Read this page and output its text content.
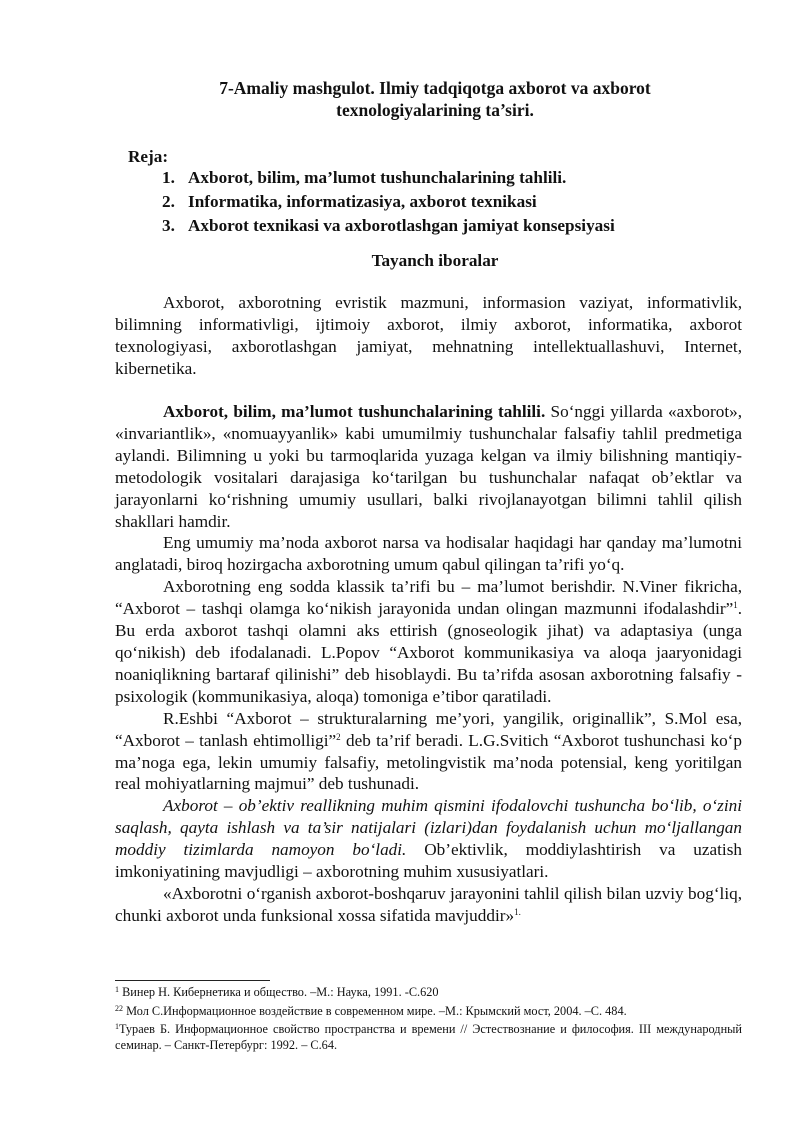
7-Amaliy mashgulot. Ilmiy tadqiqotga axborot va axborot
texnologiyalarining ta’siri.
Reja:
1. Axborot, bilim, ma’lumot tushunchalarining tahlili.
2. Informatika, informatizasiya, axborot texnikasi
3. Axborot texnikasi va axborotlashgan jamiyat konsepsiyasi
Tayanch iboralar

Axborot, axborotning evristik mazmuni, informasion vaziyat, informativlik, bilimning informativligi, ijtimoiy axborot, ilmiy axborot, informatika, axborot texnologiyasi, axborotlashgan jamiyat, mehnatning intellektuallashuvi, Internet, kibernetika.

Axborot, bilim, ma’lumot tushunchalarining tahlili. So‘nggi yillarda «axborot», «invariantlik», «nomuayyanlik» kabi umumilmiy tushunchalar falsafiy tahlil predmetiga aylandi. Bilimning u yoki bu tarmoqlarida yuzaga kelgan va ilmiy bilishning mantiqiy-metodologik vositalari darajasiga ko‘tarilgan bu tushunchalar nafaqat ob’ektlar va jarayonlarni ko‘rishning umumiy usullari, balki rivojlanayotgan bilimni tahlil qilish shakllari hamdir.

Eng umumiy ma’noda axborot narsa va hodisalar haqidagi har qanday ma’lumotni anglatadi, biroq hozirgacha axborotning umum qabul qilingan ta’rifi yo‘q.

Axborotning eng sodda klassik ta’rifi bu – ma’lumot berishdir. N.Viner fikricha, “Axborot – tashqi olamga ko‘nikish jarayonida undan olingan mazmunni ifodalashdir”$^1$. Bu erda axborot tashqi olamni aks ettirish (gnoseologik jihat) va adaptasiya (unga qo‘nikish) deb ifodalanadi. L.Popov “Axborot kommunikasiya va aloqa jaaryonidagi noaniqlikning bartaraf qilinishi” deb hisoblaydi. Bu ta’rifda asosan axborotning falsafiy -psixologik (kommunikasiya, aloqa) tomoniga e’tibor qaratiladi.

R.Eshbi “Axborot – strukturalarning me’yori, yangilik, originallik”, S.Mol esa, “Axborot – tanlash ehtimolligi”$^2$ deb ta’rif beradi. L.G.Svitich “Axborot tushunchasi ko‘p ma’noga ega, lekin umumiy falsafiy, metolingvistik ma’noda potensial, keng yoritilgan real mohiyatlarning majmui” deb tushunadi.

Axborot – ob’ektiv reallikning muhim qismini ifodalovchi tushuncha bo‘lib, o‘zini saqlash, qayta ishlash va ta’sir natijalari (izlari)dan foydalanish uchun mo‘ljallangan moddiy tizimlarda namoyon bo‘ladi. Ob’ektivlik, moddiylashtirish va uzatish imkoniyatining mavjudligi – axborotning muhim xususiyatlari.

«Axborotni o‘rganish axborot-boshqaruv jarayonini tahlil qilish bilan uzviy bog‘liq, chunki axborot unda funksional xossa sifatida mavjuddir»$^{1.}$

$^1$ Винер Н. Кибернетика и общество. –М.: Наука, 1991. -С.620

$^{22}$ Мол С.Информационное воздействие в современном мире. –М.: Крымский мост, 2004. –С. 484.

$^1$Тураев Б. Информационное свойство пространства и времени // Эстествознание и философия. III международный семинар. – Санкт-Петербург: 1992. – С.64.
